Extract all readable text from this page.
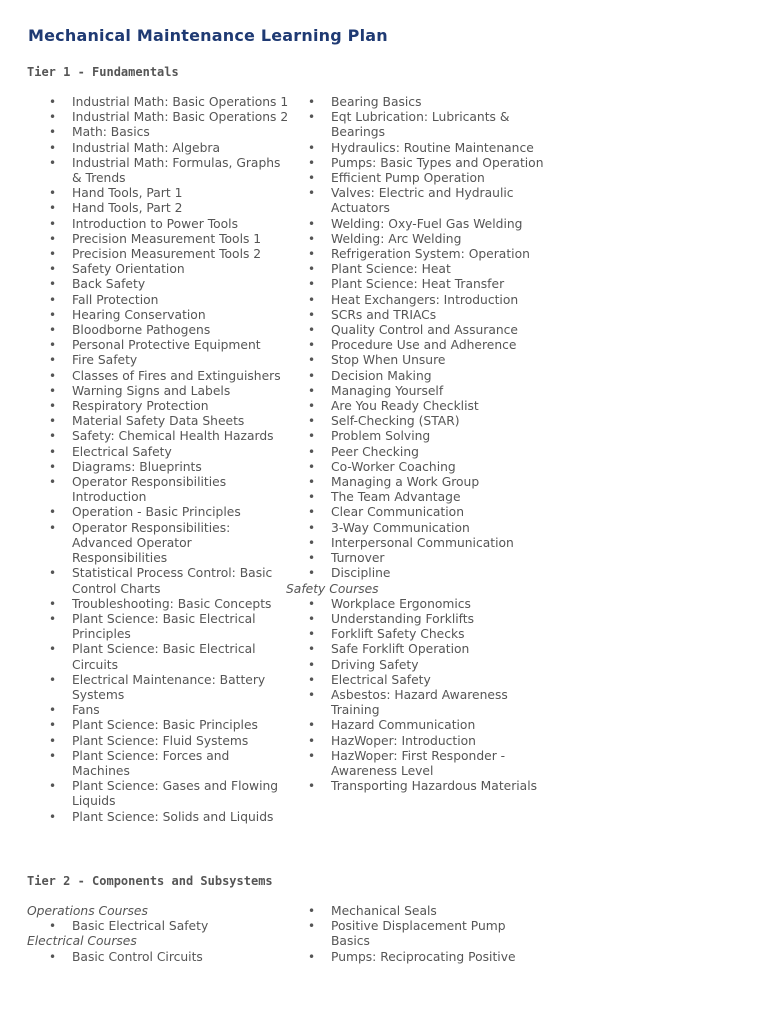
Mechanical Maintenance Learning Plan
Tier 1 - Fundamentals
• Industrial Math: Basic Operations 1
• Industrial Math: Basic Operations 2
• Math: Basics
• Industrial Math: Algebra
• Industrial Math: Formulas, Graphs & Trends
• Hand Tools, Part 1
• Hand Tools, Part 2
• Introduction to Power Tools
• Precision Measurement Tools 1
• Precision Measurement Tools 2
• Safety Orientation
• Back Safety
• Fall Protection
• Hearing Conservation
• Bloodborne Pathogens
• Personal Protective Equipment
• Fire Safety
• Classes of Fires and Extinguishers
• Warning Signs and Labels
• Respiratory Protection
• Material Safety Data Sheets
• Safety: Chemical Health Hazards
• Electrical Safety
• Diagrams: Blueprints
• Operator Responsibilities Introduction
• Operation - Basic Principles
• Operator Responsibilities: Advanced Operator Responsibilities
• Statistical Process Control: Basic Control Charts
• Troubleshooting: Basic Concepts
• Plant Science: Basic Electrical Principles
• Plant Science: Basic Electrical Circuits
• Electrical Maintenance: Battery Systems
• Fans
• Plant Science: Basic Principles
• Plant Science: Fluid Systems
• Plant Science: Forces and Machines
• Plant Science: Gases and Flowing Liquids
• Plant Science: Solids and Liquids
• Bearing Basics
• Eqt Lubrication: Lubricants & Bearings
• Hydraulics: Routine Maintenance
• Pumps: Basic Types and Operation
• Efficient Pump Operation
• Valves: Electric and Hydraulic Actuators
• Welding: Oxy-Fuel Gas Welding
• Welding: Arc Welding
• Refrigeration System: Operation
• Plant Science: Heat
• Plant Science: Heat Transfer
• Heat Exchangers: Introduction
• SCRs and TRIACs
• Quality Control and Assurance
• Procedure Use and Adherence
• Stop When Unsure
• Decision Making
• Managing Yourself
• Are You Ready Checklist
• Self-Checking (STAR)
• Problem Solving
• Peer Checking
• Co-Worker Coaching
• Managing a Work Group
• The Team Advantage
• Clear Communication
• 3-Way Communication
• Interpersonal Communication
• Turnover
• Discipline

Safety Courses

• Workplace Ergonomics
• Understanding Forklifts
• Forklift Safety Checks
• Safe Forklift Operation
• Driving Safety
• Electrical Safety
• Asbestos: Hazard Awareness Training
• Hazard Communication
• HazWoper: Introduction
• HazWoper: First Responder - Awareness Level
• Transporting Hazardous Materials
Tier 2 - Components and Subsystems

Operations Courses

• Basic Electrical Safety

Electrical Courses

• Basic Control Circuits
• Mechanical Seals
• Positive Displacement Pump Basics
• Pumps: Reciprocating Positive
